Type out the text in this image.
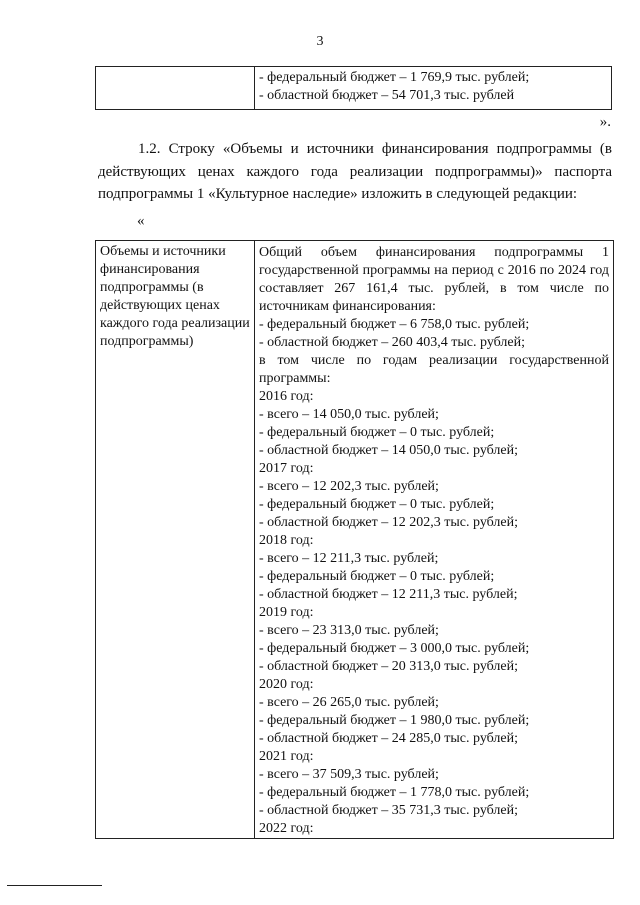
3

- федеральный бюджет – 1 769,9 тыс. рублей;
- областной бюджет – 54 701,3 тыс. рублей
».

1.2. Строку «Объемы и источники финансирования подпрограммы (в действующих ценах каждого года реализации подпрограммы)» паспорта подпрограммы 1 «Культурное наследие» изложить в следующей редакции:

«
Объемы и источники финансирования подпрограммы (в действующих ценах каждого года реализации подпрограммы)	
Общий объем финансирования подпрограммы 1 государственной программы на период с 2016 по 2024 год составляет 267 161,4 тыс. рублей, в том числе по источникам финансирования:
- федеральный бюджет – 6 758,0 тыс. рублей;
- областной бюджет – 260 403,4 тыс. рублей;
в том числе по годам реализации государственной программы:
2016 год:
- всего – 14 050,0 тыс. рублей;
- федеральный бюджет – 0 тыс. рублей;
- областной бюджет – 14 050,0 тыс. рублей;
2017 год:
- всего – 12 202,3 тыс. рублей;
- федеральный бюджет – 0 тыс. рублей;
- областной бюджет – 12 202,3 тыс. рублей;
2018 год:
- всего – 12 211,3 тыс. рублей;
- федеральный бюджет – 0 тыс. рублей;
- областной бюджет – 12 211,3 тыс. рублей;
2019 год:
- всего – 23 313,0 тыс. рублей;
- федеральный бюджет – 3 000,0 тыс. рублей;
- областной бюджет – 20 313,0 тыс. рублей;
2020 год:
- всего – 26 265,0 тыс. рублей;
- федеральный бюджет – 1 980,0 тыс. рублей;
- областной бюджет – 24 285,0 тыс. рублей;
2021 год:
- всего – 37 509,3 тыс. рублей;
- федеральный бюджет – 1 778,0 тыс. рублей;
- областной бюджет – 35 731,3 тыс. рублей;
2022 год:
